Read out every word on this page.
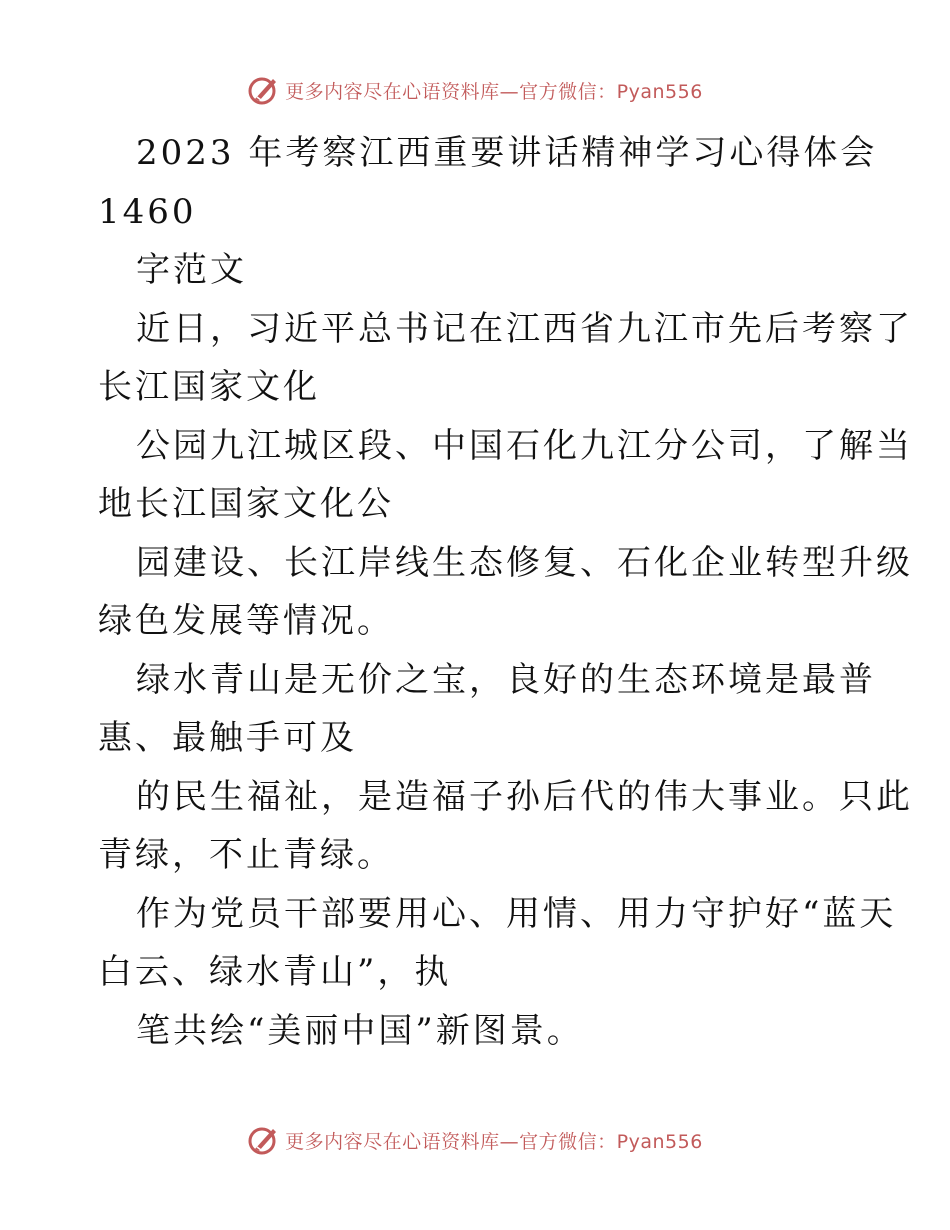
更多内容尽在心语资料库—官方微信：Pyan556

2023 年考察江西重要讲话精神学习心得体会

1460

字范文

近日，习近平总书记在江西省九江市先后考察了

长江国家文化

公园九江城区段、中国石化九江分公司，了解当

地长江国家文化公

园建设、长江岸线生态修复、石化企业转型升级

绿色发展等情况。

绿水青山是无价之宝，良好的生态环境是最普

惠、最触手可及

的民生福祉，是造福子孙后代的伟大事业。只此

青绿，不止青绿。

作为党员干部要用心、用情、用力守护好“蓝天

白云、绿水青山”，执

笔共绘“美丽中国”新图景。

更多内容尽在心语资料库—官方微信：Pyan556
